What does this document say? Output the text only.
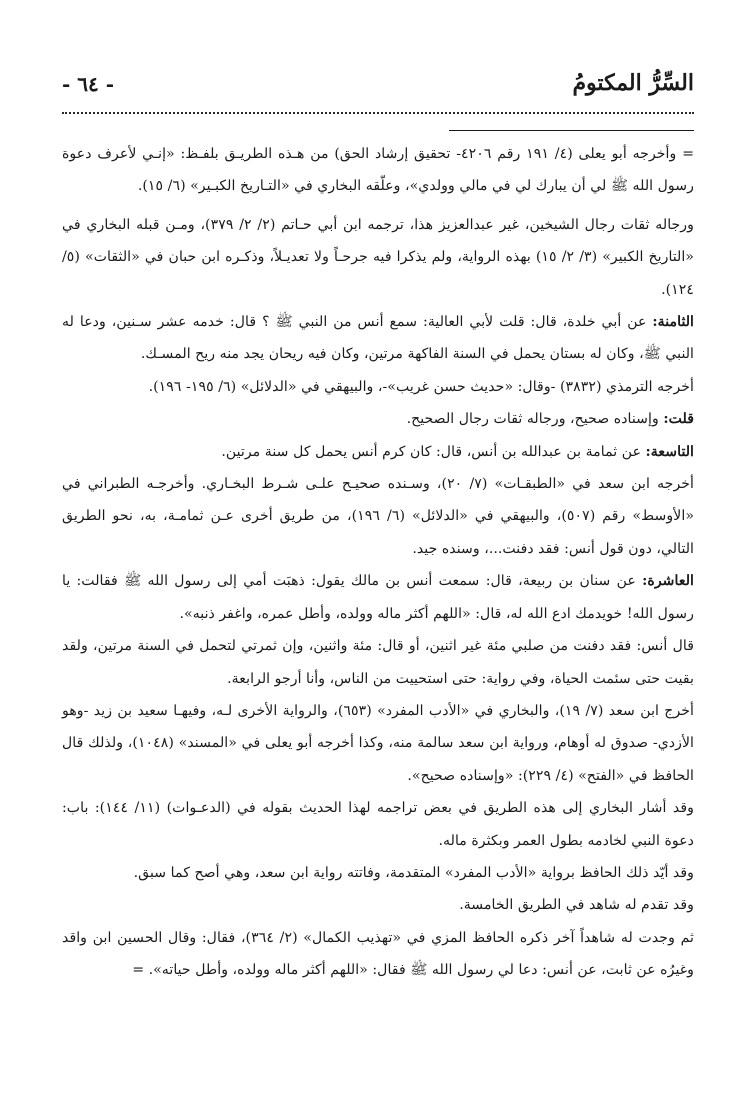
السِّرُّ المكتومُ
- ٦٤ -

= وأخرجه أبو يعلى (٤/ ١٩١ رقم ٤٢٠٦- تحقيق إرشاد الحق) من هـذه الطريـق بلفـظ: «إنـي لأعرف دعوة رسول الله ﷺ لي أن يبارك لي في مالي وولدي»، وعلّقه البخاري في «التـاريخ الكبـير» (٦/ ١٥).

ورجاله ثقات رجال الشيخين، غير عبدالعزيز هذا، ترجمه ابن أبي حـاتم (٢/ ٢/ ٣٧٩)، ومـن قبله البخاري في «التاريخ الكبير» (٣/ ٢/ ١٥) بهذه الرواية، ولم يذكرا فيه جرحـاً ولا تعديـلاً، وذكـره ابن حبان في «الثقات» (٥/ ١٢٤).

الثامنة: عن أبي خلدة، قال: قلت لأبي العالية: سمع أنس من النبي ﷺ ؟ قال: خدمه عشر سـنين، ودعا له النبي ﷺ، وكان له بستان يحمل في السنة الفاكهة مرتين، وكان فيه ريحان يجد منه ريح المسـك.

أخرجه الترمذي (٣٨٣٢) -وقال: «حديث حسن غريب»-، والبيهقي في «الدلائل» (٦/ ١٩٥- ١٩٦).

قلت: وإسناده صحيح، ورجاله ثقات رجال الصحيح.

التاسعة: عن ثمامة بن عبدالله بن أنس، قال: كان كرم أنس يحمل كل سنة مرتين.

أخرجه ابن سعد في «الطبقـات» (٧/ ٢٠)، وسـنده صحيـح علـى شـرط البخـاري. وأخرجـه الطبراني في «الأوسط» رقم (٥٠٧)، والبيهقي في «الدلائل» (٦/ ١٩٦)، من طريق أخرى عـن ثمامـة، به، نحو الطريق التالي، دون قول أنس: فقد دفنت...، وسنده جيد.

العاشرة: عن سنان بن ربيعة، قال: سمعت أنس بن مالك يقول: ذهبَت أمي إلى رسول الله ﷺ فقالت: يا رسول الله! خويدمك ادع الله له، قال: «اللهم أكثر ماله وولده، وأطل عمره، واغفر ذنبه».

قال أنس: فقد دفنت من صلبي مئة غير اثنين، أو قال: مئة واثنين، وإن ثمرتي لتحمل في السنة مرتين، ولقد بقيت حتى سئمت الحياة، وفي رواية: حتى استحييت من الناس، وأنا أرجو الرابعة.

أخرج ابن سعد (٧/ ١٩)، والبخاري في «الأدب المفرد» (٦٥٣)، والرواية الأخرى لـه، وفيهـا سعيد بن زيد -وهو الأزدي- صدوق له أوهام، ورواية ابن سعد سالمة منه، وكذا أخرجه أبو يعلى في «المسند» (١٠٤٨)، ولذلك قال الحافظ في «الفتح» (٤/ ٢٢٩): «وإسناده صحيح».

وقد أشار البخاري إلى هذه الطريق في بعض تراجمه لهذا الحديث بقوله في (الدعـوات) (١١/ ١٤٤): باب: دعوة النبي لخادمه بطول العمر وبكثرة ماله.

وقد أيّد ذلك الحافظ برواية «الأدب المفرد» المتقدمة، وفاتته رواية ابن سعد، وهي أصح كما سبق.

وقد تقدم له شاهد في الطريق الخامسة.

ثم وجدت له شاهداً آخر ذكره الحافظ المزي في «تهذيب الكمال» (٢/ ٣٦٤)، فقال: وقال الحسين ابن واقد وغيرُه عن ثابت، عن أنس: دعا لي رسول الله ﷺ فقال: «اللهم أكثر ماله وولده، وأطل حياته». =
